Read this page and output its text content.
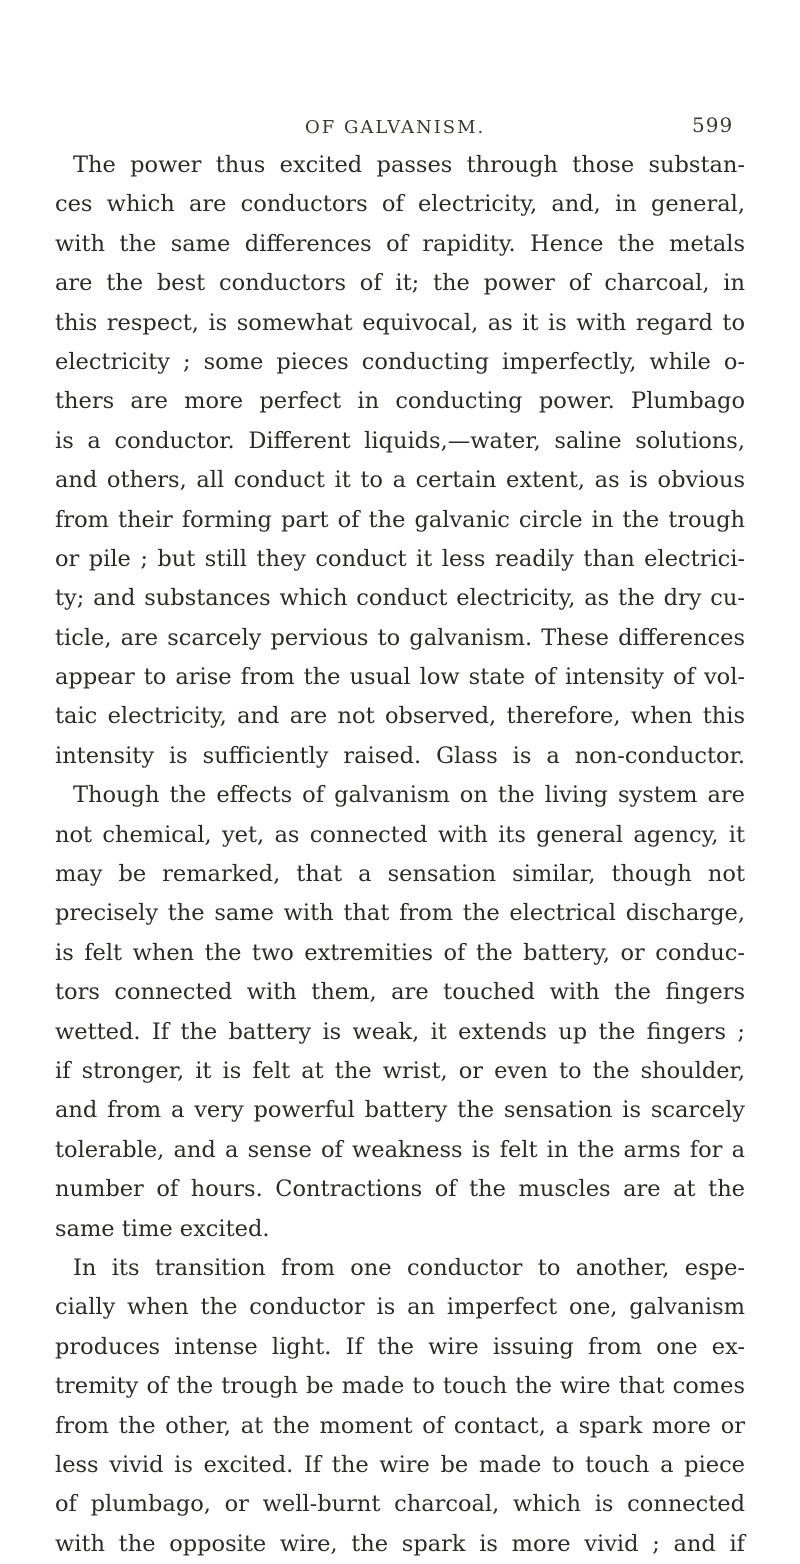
OF GALVANISM.	599
The power thus excited passes through those substan-
ces which are conductors of electricity, and, in general,
with the same differences of rapidity. Hence the metals
are the best conductors of it; the power of charcoal, in
this respect, is somewhat equivocal, as it is with regard to
electricity ; some pieces conducting imperfectly, while o-
thers are more perfect in conducting power. Plumbago
is a conductor. Different liquids,—water, saline solutions,
and others, all conduct it to a certain extent, as is obvious
from their forming part of the galvanic circle in the trough
or pile ; but still they conduct it less readily than electrici-
ty; and substances which conduct electricity, as the dry cu-
ticle, are scarcely pervious to galvanism. These differences
appear to arise from the usual low state of intensity of vol-
taic electricity, and are not observed, therefore, when this
intensity is sufficiently raised. Glass is a non-conductor.
Though the effects of galvanism on the living system are
not chemical, yet, as connected with its general agency, it
may be remarked, that a sensation similar, though not
precisely the same with that from the electrical discharge,
is felt when the two extremities of the battery, or conduc-
tors connected with them, are touched with the fingers
wetted. If the battery is weak, it extends up the fingers ;
if stronger, it is felt at the wrist, or even to the shoulder,
and from a very powerful battery the sensation is scarcely
tolerable, and a sense of weakness is felt in the arms for a
number of hours. Contractions of the muscles are at the
same time excited.
In its transition from one conductor to another, espe-
cially when the conductor is an imperfect one, galvanism
produces intense light. If the wire issuing from one ex-
tremity of the trough be made to touch the wire that comes
from the other, at the moment of contact, a spark more or
less vivid is excited. If the wire be made to touch a piece
of plumbago, or well-burnt charcoal, which is connected
with the opposite wire, the spark is more vivid ; and if
